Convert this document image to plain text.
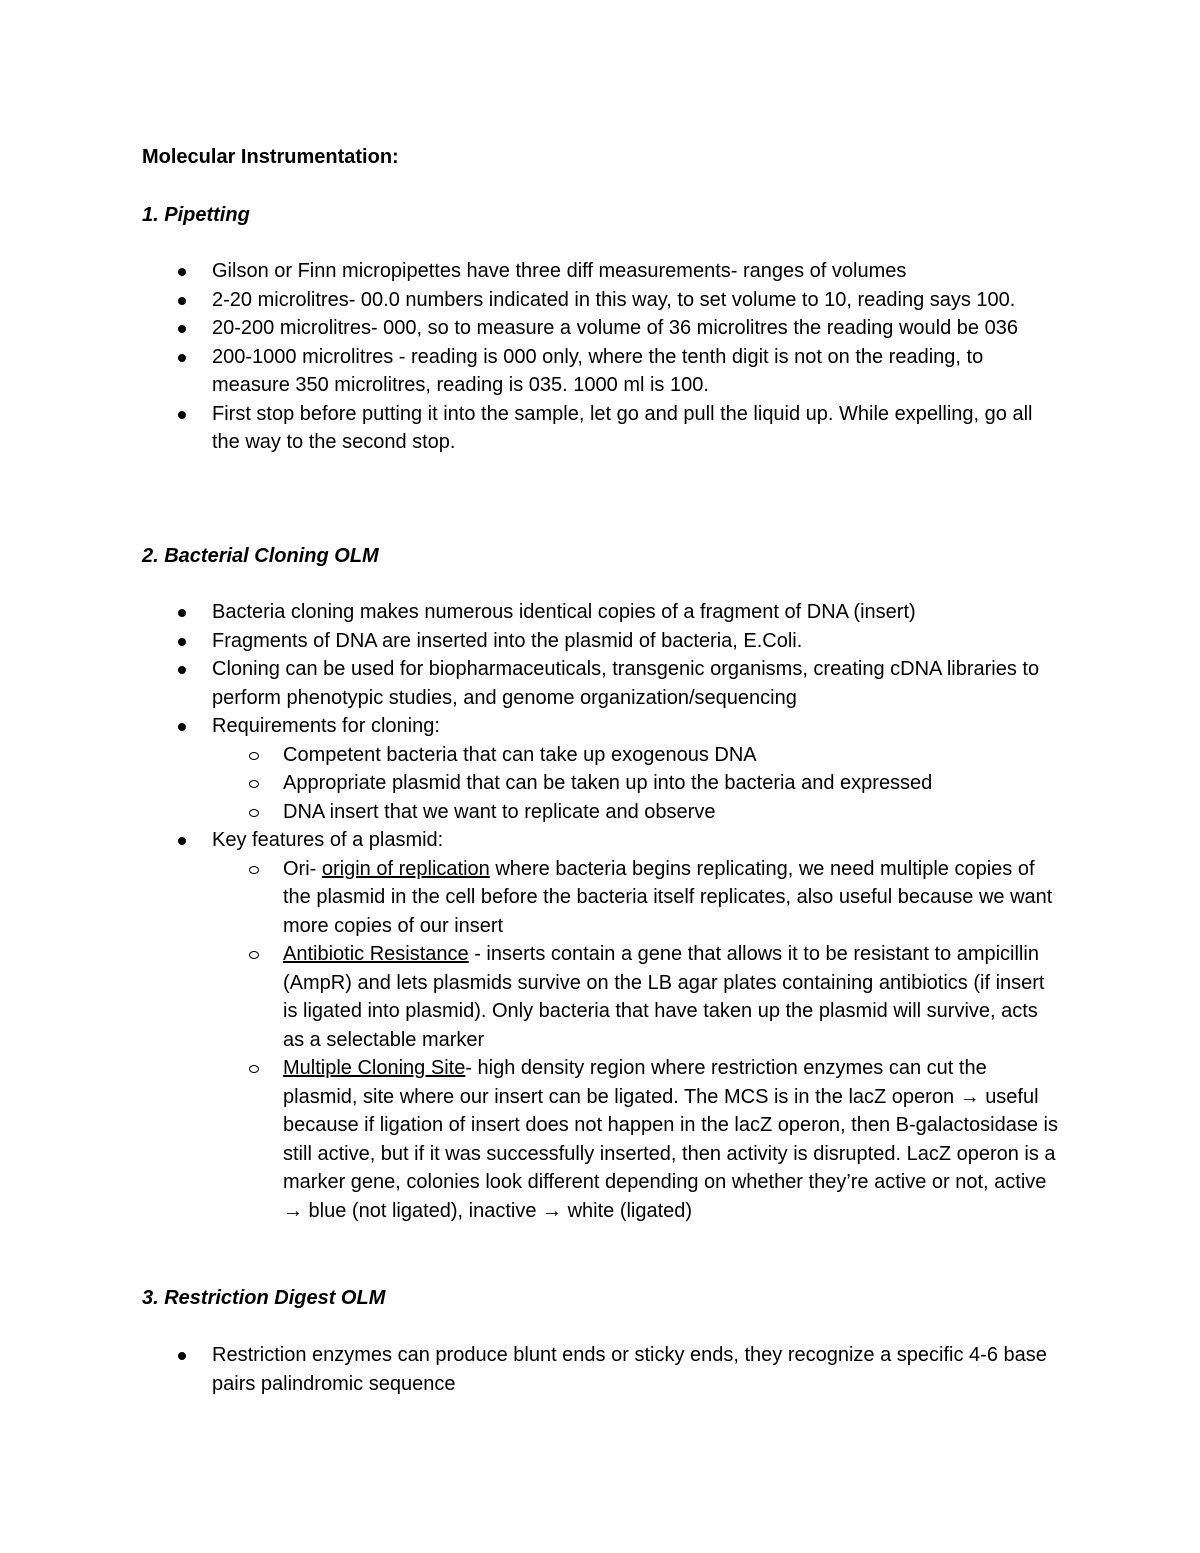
Molecular Instrumentation:
1. Pipetting
Gilson or Finn micropipettes have three diff measurements- ranges of volumes
2-20 microlitres- 00.0 numbers indicated in this way, to set volume to 10, reading says 100.
20-200 microlitres- 000, so to measure a volume of 36 microlitres the reading would be 036
200-1000 microlitres - reading is 000 only, where the tenth digit is not on the reading, to measure 350 microlitres, reading is 035. 1000 ml is 100.
First stop before putting it into the sample, let go and pull the liquid up. While expelling, go all the way to the second stop.
2. Bacterial Cloning OLM
Bacteria cloning makes numerous identical copies of a fragment of DNA (insert)
Fragments of DNA are inserted into the plasmid of bacteria, E.Coli.
Cloning can be used for biopharmaceuticals, transgenic organisms, creating cDNA libraries to perform phenotypic studies, and genome organization/sequencing
Requirements for cloning:
Competent bacteria that can take up exogenous DNA
Appropriate plasmid that can be taken up into the bacteria and expressed
DNA insert that we want to replicate and observe
Key features of a plasmid:
Ori- origin of replication where bacteria begins replicating, we need multiple copies of the plasmid in the cell before the bacteria itself replicates, also useful because we want more copies of our insert
Antibiotic Resistance - inserts contain a gene that allows it to be resistant to ampicillin (AmpR) and lets plasmids survive on the LB agar plates containing antibiotics (if insert is ligated into plasmid). Only bacteria that have taken up the plasmid will survive, acts as a selectable marker
Multiple Cloning Site- high density region where restriction enzymes can cut the plasmid, site where our insert can be ligated. The MCS is in the lacZ operon → useful because if ligation of insert does not happen in the lacZ operon, then B-galactosidase is still active, but if it was successfully inserted, then activity is disrupted. LacZ operon is a marker gene, colonies look different depending on whether they’re active or not, active → blue (not ligated), inactive → white (ligated)
3. Restriction Digest OLM
Restriction enzymes can produce blunt ends or sticky ends, they recognize a specific 4-6 base pairs palindromic sequence
